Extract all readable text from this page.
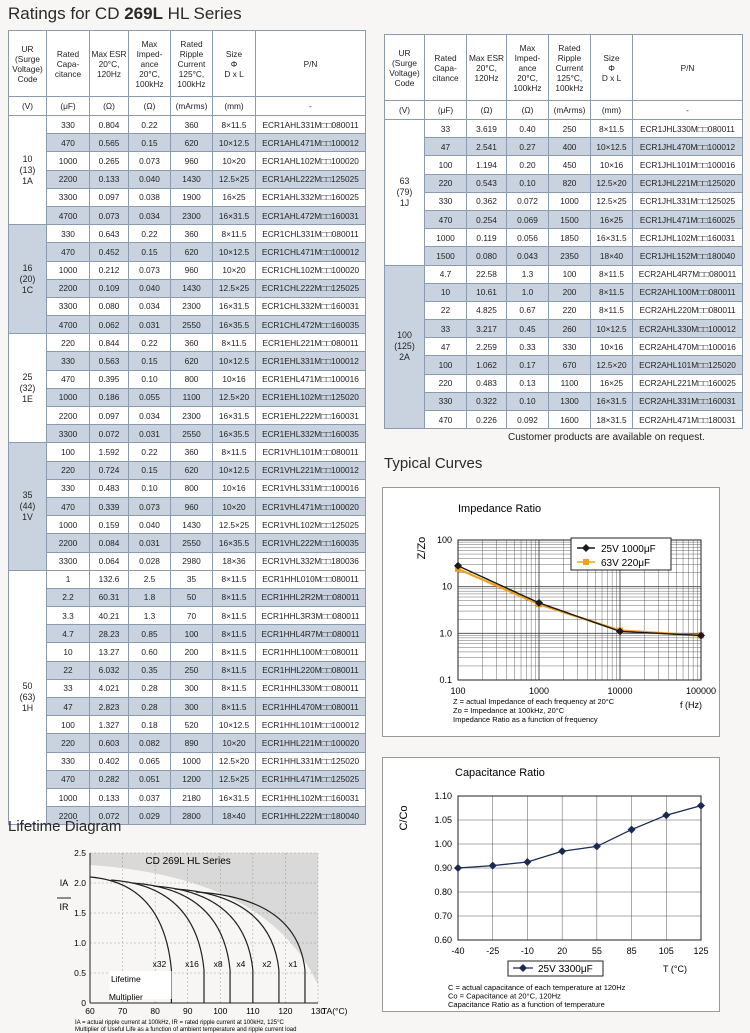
Ratings for CD 269L HL Series
UR
(Surge
Voltage)
Code	Rated
Capa-
citance	Max ESR
20°C,
120Hz	Max
Imped-
ance
20°C,
100kHz	Rated
Ripple
Current
125°C,
100kHz	Size
Φ
D x L	P/N
(V)	(μF)	(Ω)	(Ω)	(mArms)	(mm)	-
10
(13)
1A	330	0.804	0.22	360	8×11.5	ECR1AHL331M□□080011
	470	0.565	0.15	620	10×12.5	ECR1AHL471M□□100012
	1000	0.265	0.073	960	10×20	ECR1AHL102M□□100020
	2200	0.133	0.040	1430	12.5×25	ECR1AHL222M□□125025
	3300	0.097	0.038	1900	16×25	ECR1AHL332M□□160025
	4700	0.073	0.034	2300	16×31.5	ECR1AHL472M□□160031
16
(20)
1C	330	0.643	0.22	360	8×11.5	ECR1CHL331M□□080011
	470	0.452	0.15	620	10×12.5	ECR1CHL471M□□100012
	1000	0.212	0.073	960	10×20	ECR1CHL102M□□100020
	2200	0.109	0.040	1430	12.5×25	ECR1CHL222M□□125025
	3300	0.080	0.034	2300	16×31.5	ECR1CHL332M□□160031
	4700	0.062	0.031	2550	16×35.5	ECR1CHL472M□□160035
25
(32)
1E	220	0.844	0.22	360	8×11.5	ECR1EHL221M□□080011
	330	0.563	0.15	620	10×12.5	ECR1EHL331M□□100012
	470	0.395	0.10	800	10×16	ECR1EHL471M□□100016
	1000	0.186	0.055	1100	12.5×20	ECR1EHL102M□□125020
	2200	0.097	0.034	2300	16×31.5	ECR1EHL222M□□160031
	3300	0.072	0.031	2550	16×35.5	ECR1EHL332M□□160035
35
(44)
1V	100	1.592	0.22	360	8×11.5	ECR1VHL101M□□080011
	220	0.724	0.15	620	10×12.5	ECR1VHL221M□□100012
	330	0.483	0.10	800	10×16	ECR1VHL331M□□100016
	470	0.339	0.073	960	10×20	ECR1VHL471M□□100020
	1000	0.159	0.040	1430	12.5×25	ECR1VHL102M□□125025
	2200	0.084	0.031	2550	16×35.5	ECR1VHL222M□□160035
	3300	0.064	0.028	2980	18×36	ECR1VHL332M□□180036
50
(63)
1H	1	132.6	2.5	35	8×11.5	ECR1HHL010M□□080011
	2.2	60.31	1.8	50	8×11.5	ECR1HHL2R2M□□080011
	3.3	40.21	1.3	70	8×11.5	ECR1HHL3R3M□□080011
	4.7	28.23	0.85	100	8×11.5	ECR1HHL4R7M□□080011
	10	13.27	0.60	200	8×11.5	ECR1HHL100M□□080011
	22	6.032	0.35	250	8×11.5	ECR1HHL220M□□080011
	33	4.021	0.28	300	8×11.5	ECR1HHL330M□□080011
	47	2.823	0.28	300	8×11.5	ECR1HHL470M□□080011
	100	1.327	0.18	520	10×12.5	ECR1HHL101M□□100012
	220	0.603	0.082	890	10×20	ECR1HHL221M□□100020
	330	0.402	0.065	1000	12.5×20	ECR1HHL331M□□125020
	470	0.282	0.051	1200	12.5×25	ECR1HHL471M□□125025
	1000	0.133	0.037	2180	16×31.5	ECR1HHL102M□□160031
	2200	0.072	0.029	2800	18×40	ECR1HHL222M□□180040
UR
(Surge
Voltage)
Code	Rated
Capa-
citance	Max ESR
20°C,
120Hz	Max
Imped-
ance
20°C,
100kHz	Rated
Ripple
Current
125°C,
100kHz	Size
Φ
D x L	P/N
(V)	(μF)	(Ω)	(Ω)	(mArms)	(mm)	-
63
(79)
1J	33	3.619	0.40	250	8×11.5	ECR1JHL330M□□080011
	47	2.541	0.27	400	10×12.5	ECR1JHL470M□□100012
	100	1.194	0.20	450	10×16	ECR1JHL101M□□100016
	220	0.543	0.10	820	12.5×20	ECR1JHL221M□□125020
	330	0.362	0.072	1000	12.5×25	ECR1JHL331M□□125025
	470	0.254	0.069	1500	16×25	ECR1JHL471M□□160025
	1000	0.119	0.056	1850	16×31.5	ECR1JHL102M□□160031
	1500	0.080	0.043	2350	18×40	ECR1JHL152M□□180040
100
(125)
2A	4.7	22.58	1.3	100	8×11.5	ECR2AHL4R7M□□080011
	10	10.61	1.0	200	8×11.5	ECR2AHL100M□□080011
	22	4.825	0.67	220	8×11.5	ECR2AHL220M□□080011
	33	3.217	0.45	260	10×12.5	ECR2AHL330M□□100012
	47	2.259	0.33	330	10×16	ECR2AHL470M□□100016
	100	1.062	0.17	670	12.5×20	ECR2AHL101M□□125020
	220	0.483	0.13	1100	16×25	ECR2AHL221M□□160025
	330	0.322	0.10	1300	16×31.5	ECR2AHL331M□□160031
	470	0.226	0.092	1600	18×31.5	ECR2AHL471M□□180031
Customer products are available on request.
Typical Curves
Lifetime Diagram
Impedance Ratio
100	1000	10000	100000
0.1
1.0
10
100
Z/Zo
f (Hz)
25V 1000μF
63V 220μF
Z = actual Impedance of each frequency at 20°C
Zo = Impedance at 100kHz, 20°C
Impedance Ratio as a function of frequency
Capacitance Ratio
0.60
0.70
0.80
0.90
1.00
1.05
1.10
-40 -25 -10	20	55	85 105 125
C/Co
T (°C)
25V 3300μF
C = actual capacitance of each temperature at 120Hz
Co = Capacitance at 20°C, 120Hz
Capacitance Ratio as a function of temperature
0
0.5
1.0
1.5
2.0
2.5
60	70	80	90 100 110 120 130
IA
IR
TA(°C)
CD 269L HL Series
x32 x16 x8 x4 x2 x1
Lifetime
Multiplier
IA = actual ripple current at 100kHz, IR = rated ripple current at 100kHz, 125°C
Multiplier of Useful Life as a function of ambient temperature and ripple current load
